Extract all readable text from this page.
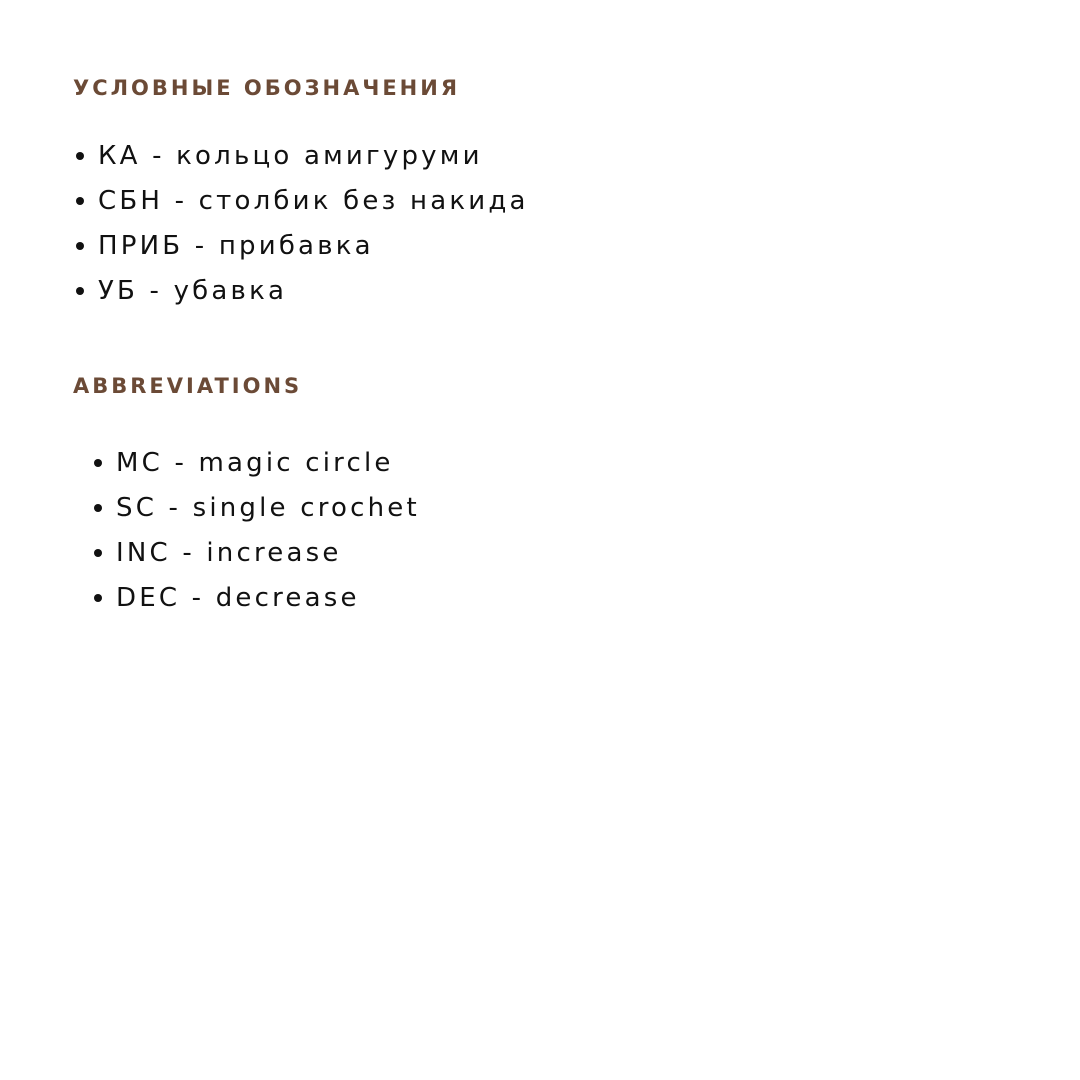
УСЛОВНЫЕ ОБОЗНАЧЕНИЯ
КА - кольцо амигуруми
СБН - столбик без накида
ПРИБ - прибавка
УБ - убавка
ABBREVIATIONS
MC - magic circle
SC - single crochet
INC - increase
DEC - decrease
